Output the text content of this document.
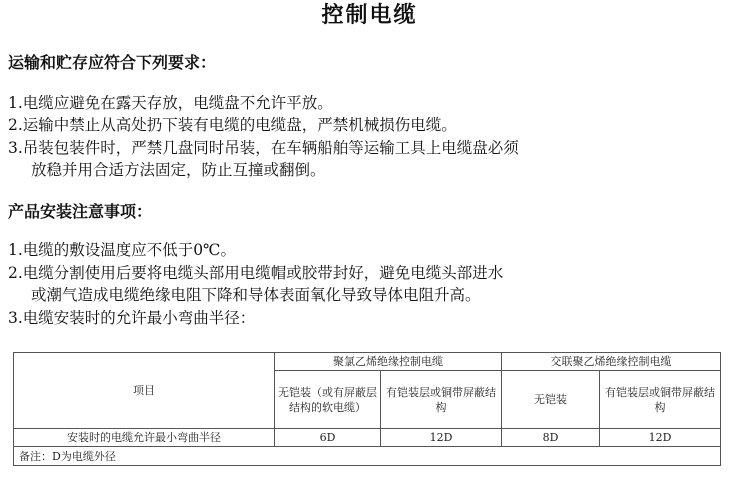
控制电缆
运输和贮存应符合下列要求：
1.电缆应避免在露天存放，电缆盘不允许平放。
2.运输中禁止从高处扔下装有电缆的电缆盘，严禁机械损伤电缆。
3.吊装包装件时，严禁几盘同时吊装，在车辆船舶等运输工具上电缆盘必须
放稳并用合适方法固定，防止互撞或翻倒。
产品安装注意事项：
1.电缆的敷设温度应不低于0℃。
2.电缆分割使用后要将电缆头部用电缆帽或胶带封好，避免电缆头部进水
或潮气造成电缆绝缘电阻下降和导体表面氧化导致导体电阻升高。
3.电缆安装时的允许最小弯曲半径：
项目	聚氯乙烯绝缘控制电缆		交联聚乙烯绝缘控制电缆	
	无铠装（或有屏蔽层结构的软电缆）	有铠装层或铜带屏蔽结构	无铠装	有铠装层或铜带屏蔽结构
安装时的电缆允许最小弯曲半径	6D	12D	8D	12D
备注：D为电缆外径				
